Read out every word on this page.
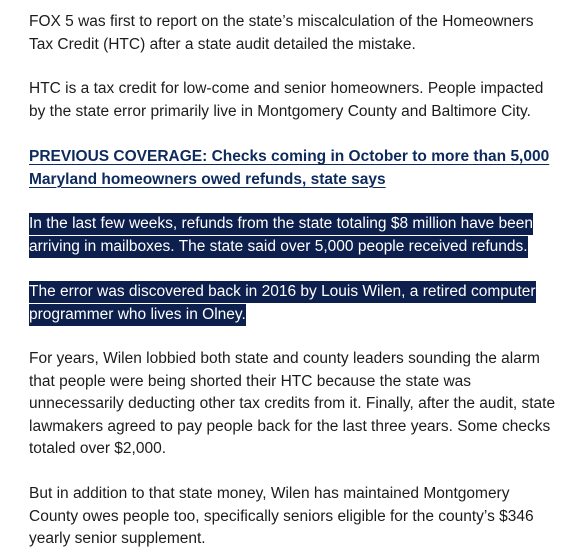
FOX 5 was first to report on the state’s miscalculation of the Homeowners Tax Credit (HTC) after a state audit detailed the mistake.

HTC is a tax credit for low-come and senior homeowners. People impacted by the state error primarily live in Montgomery County and Baltimore City.

PREVIOUS COVERAGE: Checks coming in October to more than 5,000 Maryland homeowners owed refunds, state says

In the last few weeks, refunds from the state totaling $8 million have been arriving in mailboxes. The state said over 5,000 people received refunds.

The error was discovered back in 2016 by Louis Wilen, a retired computer programmer who lives in Olney.

For years, Wilen lobbied both state and county leaders sounding the alarm that people were being shorted their HTC because the state was unnecessarily deducting other tax credits from it. Finally, after the audit, state lawmakers agreed to pay people back for the last three years. Some checks totaled over $2,000.

But in addition to that state money, Wilen has maintained Montgomery County owes people too, specifically seniors eligible for the county’s $346 yearly senior supplement.
